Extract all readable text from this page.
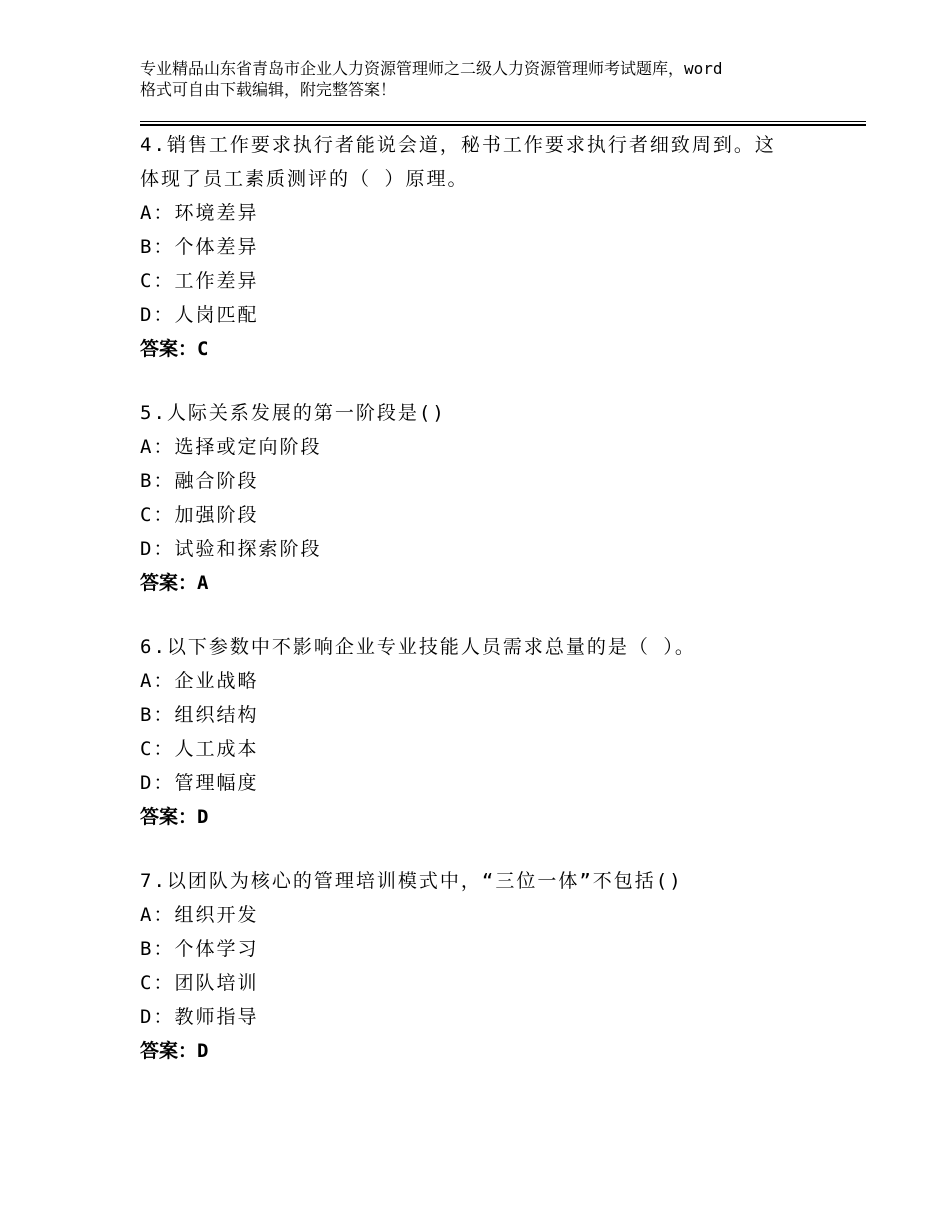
专业精品山东省青岛市企业人力资源管理师之二级人力资源管理师考试题库，word
格式可自由下载编辑，附完整答案！

4.销售工作要求执行者能说会道，秘书工作要求执行者细致周到。这
体现了员工素质测评的（ ）原理。

A：环境差异

B：个体差异

C：工作差异

D：人岗匹配

答案：C

5.人际关系发展的第一阶段是()

A：选择或定向阶段

B：融合阶段

C：加强阶段

D：试验和探索阶段

答案：A

6.以下参数中不影响企业专业技能人员需求总量的是（ ）。

A：企业战略

B：组织结构

C：人工成本

D：管理幅度

答案：D

7.以团队为核心的管理培训模式中，“三位一体”不包括()

A：组织开发

B：个体学习

C：团队培训

D：教师指导

答案：D
